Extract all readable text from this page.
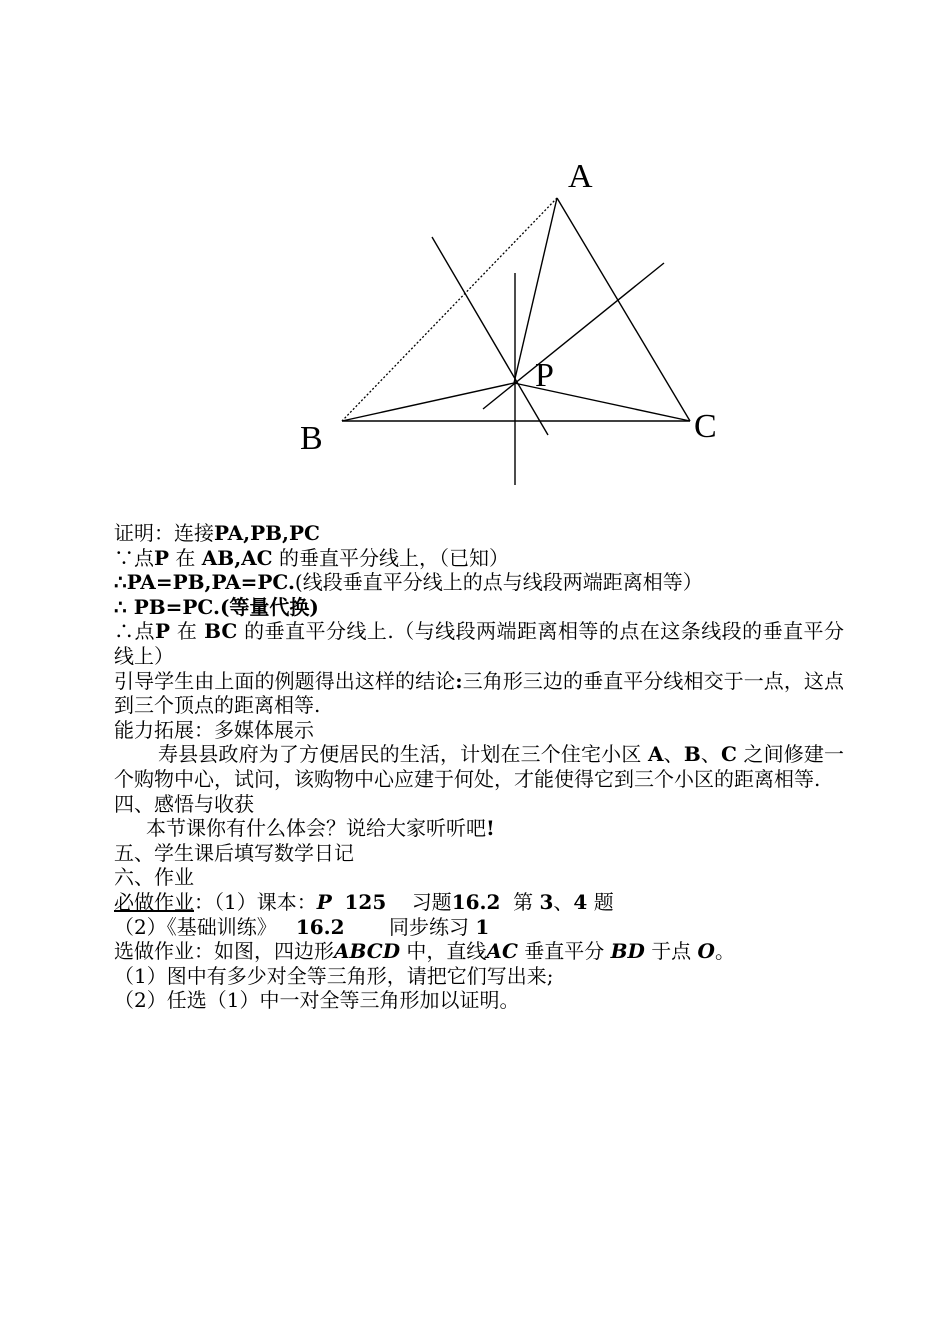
A
B	C
P
证明：连接PA,PB,PC
∵点P 在 AB,AC 的垂直平分线上，（已知）
∴PA=PB,PA=PC.(线段垂直平分线上的点与线段两端距离相等）
∴ PB=PC.(等量代换)
∴点P 在 BC 的垂直平分线上.（与线段两端距离相等的点在这条线段的垂直平分线上）
引导学生由上面的例题得出这样的结论:三角形三边的垂直平分线相交于一点，这点到三个顶点的距离相等.
能力拓展：多媒体展示
寿县县政府为了方便居民的生活，计划在三个住宅小区 A、B、C 之间修建一个购物中心，试问，该购物中心应建于何处，才能使得它到三个小区的距离相等.
四、感悟与收获
本节课你有什么体会？说给大家听听吧!
五、学生课后填写数学日记
六、作业
必做作业：（1）课本：P 125 习题16.2 第 3、4 题
（2）《基础训练》 16.2 同步练习 1
选做作业：如图，四边形ABCD 中，直线AC 垂直平分 BD 于点 O。
（1）图中有多少对全等三角形，请把它们写出来;
（2）任选（1）中一对全等三角形加以证明。
